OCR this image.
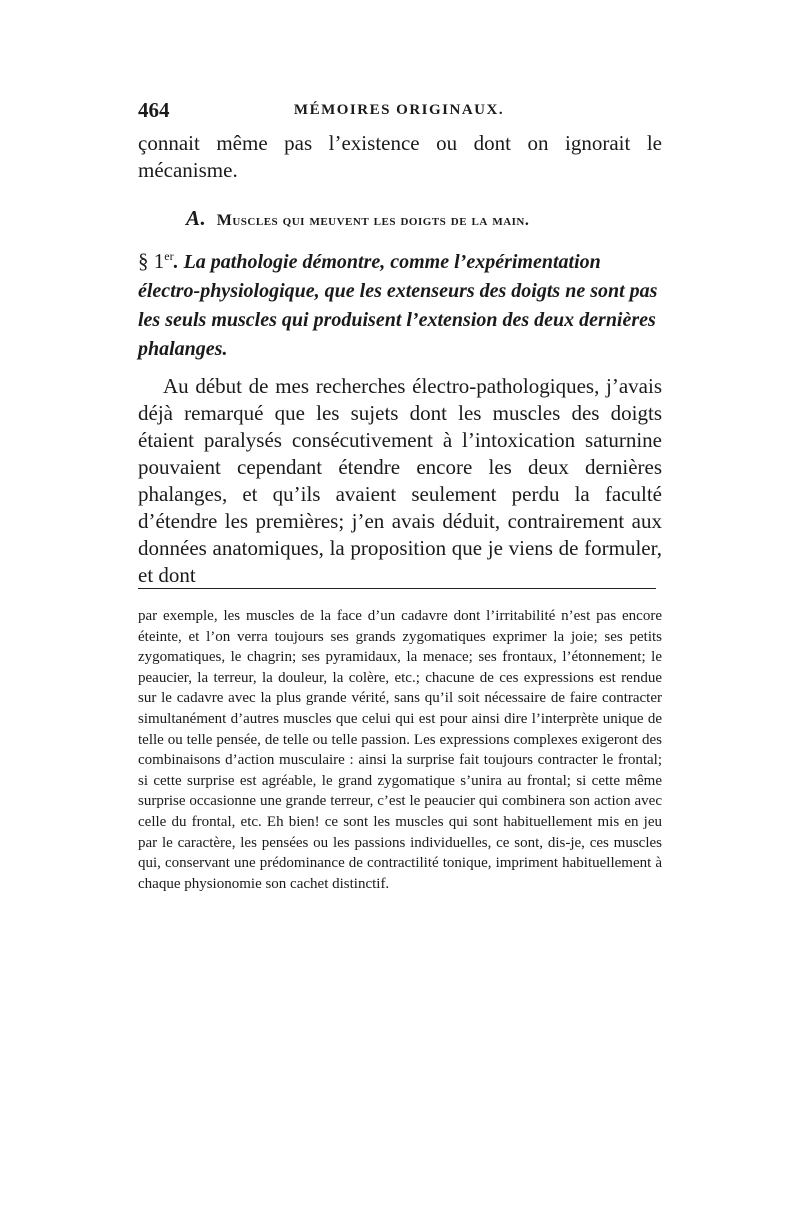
464	MÉMOIRES ORIGINAUX.

çonnait même pas l’existence ou dont on ignorait le mécanisme.

A. Muscles qui meuvent les doigts de la main.
§ 1er. La pathologie démontre, comme l’expérimentation électro-physiologique, que les extenseurs des doigts ne sont pas les seuls muscles qui produisent l’extension des deux dernières phalanges.

Au début de mes recherches électro-pathologiques, j’avais déjà remarqué que les sujets dont les muscles des doigts étaient paralysés consécutivement à l’intoxication saturnine pouvaient cependant étendre encore les deux dernières phalanges, et qu’ils avaient seulement perdu la faculté d’étendre les premières; j’en avais déduit, contrairement aux données anatomiques, la proposition que je viens de formuler, et dont

par exemple, les muscles de la face d’un cadavre dont l’irritabilité n’est pas encore éteinte, et l’on verra toujours ses grands zygomatiques exprimer la joie; ses petits zygomatiques, le chagrin; ses pyramidaux, la menace; ses frontaux, l’étonnement; le peaucier, la terreur, la douleur, la colère, etc.; chacune de ces expressions est rendue sur le cadavre avec la plus grande vérité, sans qu’il soit nécessaire de faire contracter simultanément d’autres muscles que celui qui est pour ainsi dire l’interprète unique de telle ou telle pensée, de telle ou telle passion. Les expressions complexes exigeront des combinaisons d’action musculaire : ainsi la surprise fait toujours contracter le frontal; si cette surprise est agréable, le grand zygomatique s’unira au frontal; si cette même surprise occasionne une grande terreur, c’est le peaucier qui combinera son action avec celle du frontal, etc. Eh bien! ce sont les muscles qui sont habituellement mis en jeu par le caractère, les pensées ou les passions individuelles, ce sont, dis-je, ces muscles qui, conservant une prédominance de contractilité tonique, impriment habituellement à chaque physionomie son cachet distinctif.
